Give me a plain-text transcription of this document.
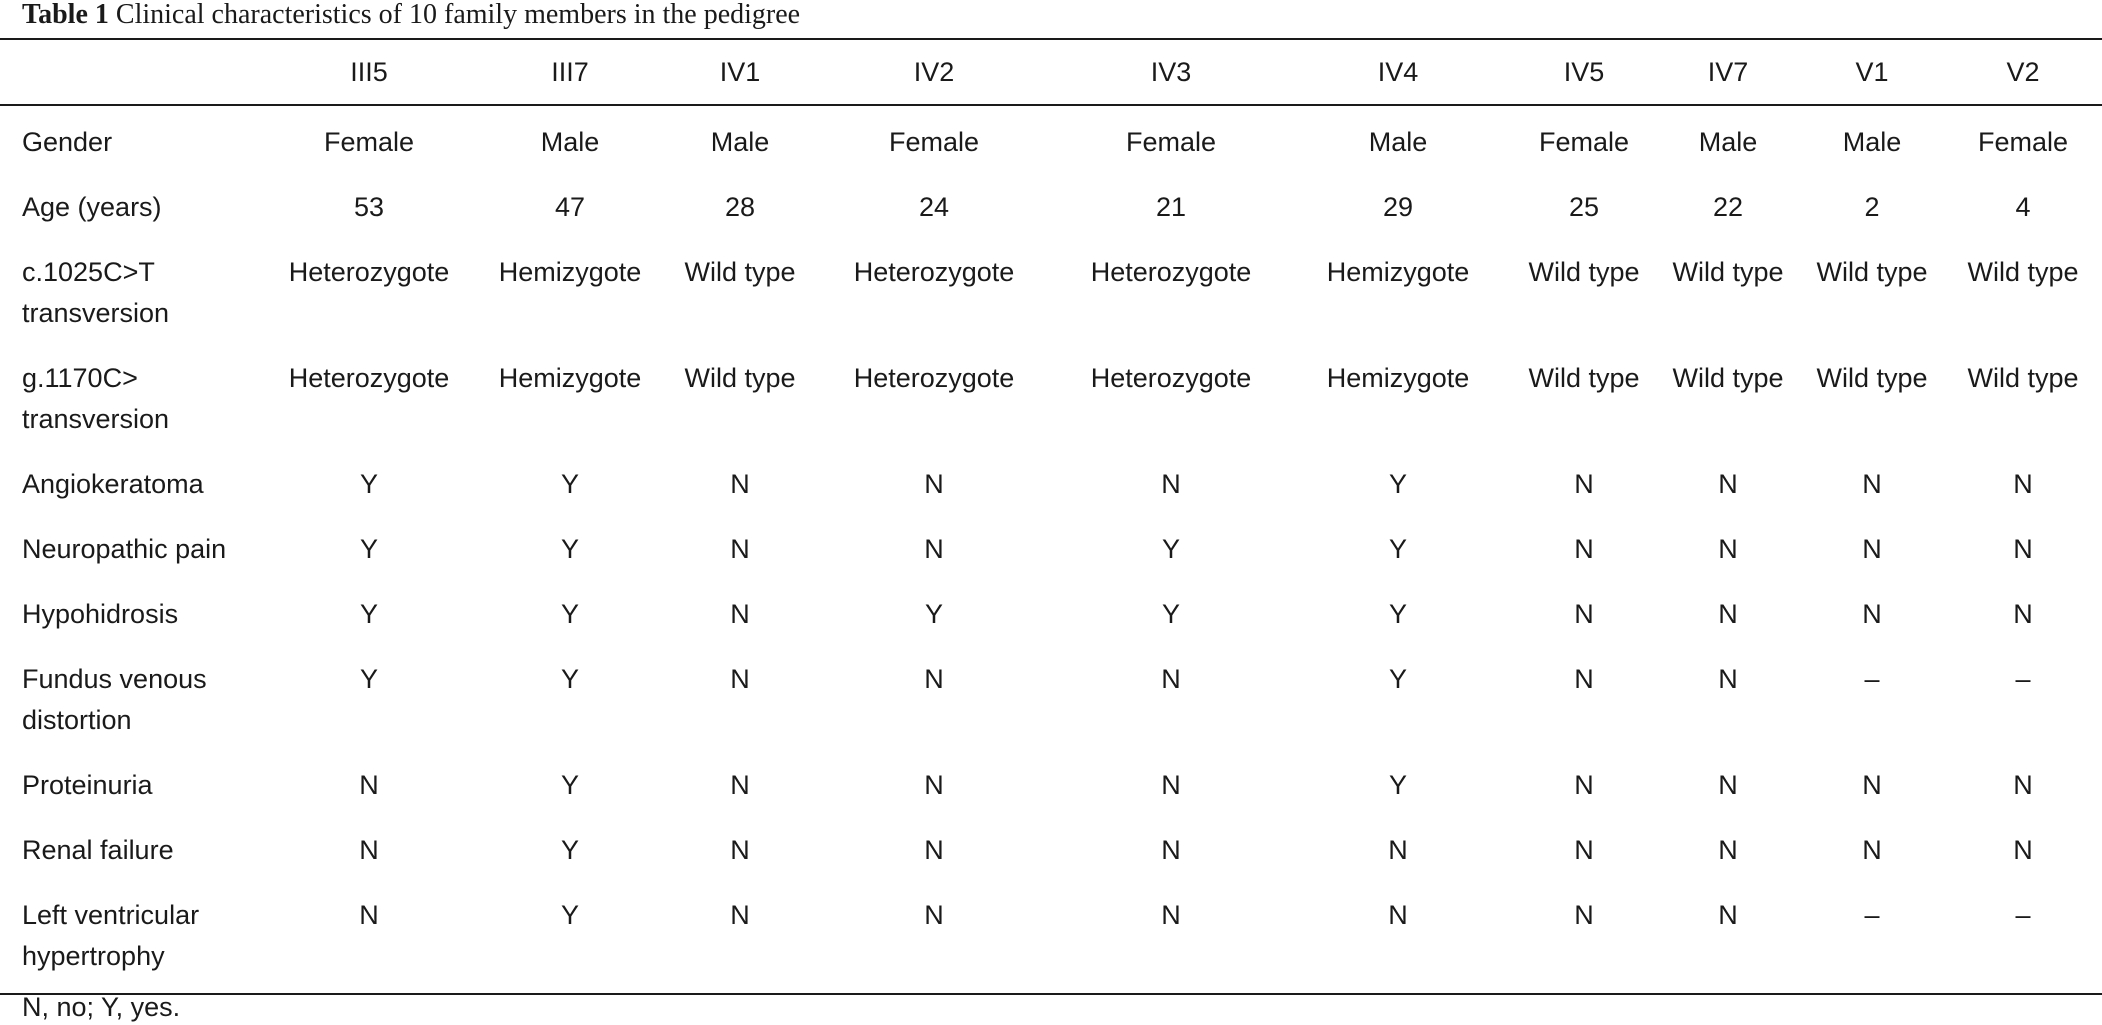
Table 1 Clinical characteristics of 10 family members in the pedigree
	III5	III7	IV1	IV2	IV3	IV4	IV5	IV7	V1	V2
Gender	Female	Male	Male	Female	Female	Male	Female	Male	Male	Female
Age (years)	53	47	28	24	21	29	25	22	2	4
c.1025C>T transversion	Heterozygote	Hemizygote	Wild type	Heterozygote	Heterozygote	Hemizygote	Wild type	Wild type	Wild type	Wild type
g.1170C> transversion	Heterozygote	Hemizygote	Wild type	Heterozygote	Heterozygote	Hemizygote	Wild type	Wild type	Wild type	Wild type
Angiokeratoma	Y	Y	N	N	N	Y	N	N	N	N
Neuropathic pain	Y	Y	N	N	Y	Y	N	N	N	N
Hypohidrosis	Y	Y	N	Y	Y	Y	N	N	N	N
Fundus venous distortion	Y	Y	N	N	N	Y	N	N	–	–
Proteinuria	N	Y	N	N	N	Y	N	N	N	N
Renal failure	N	Y	N	N	N	N	N	N	N	N
Left ventricular hypertrophy	N	Y	N	N	N	N	N	N	–	–
N, no; Y, yes.
